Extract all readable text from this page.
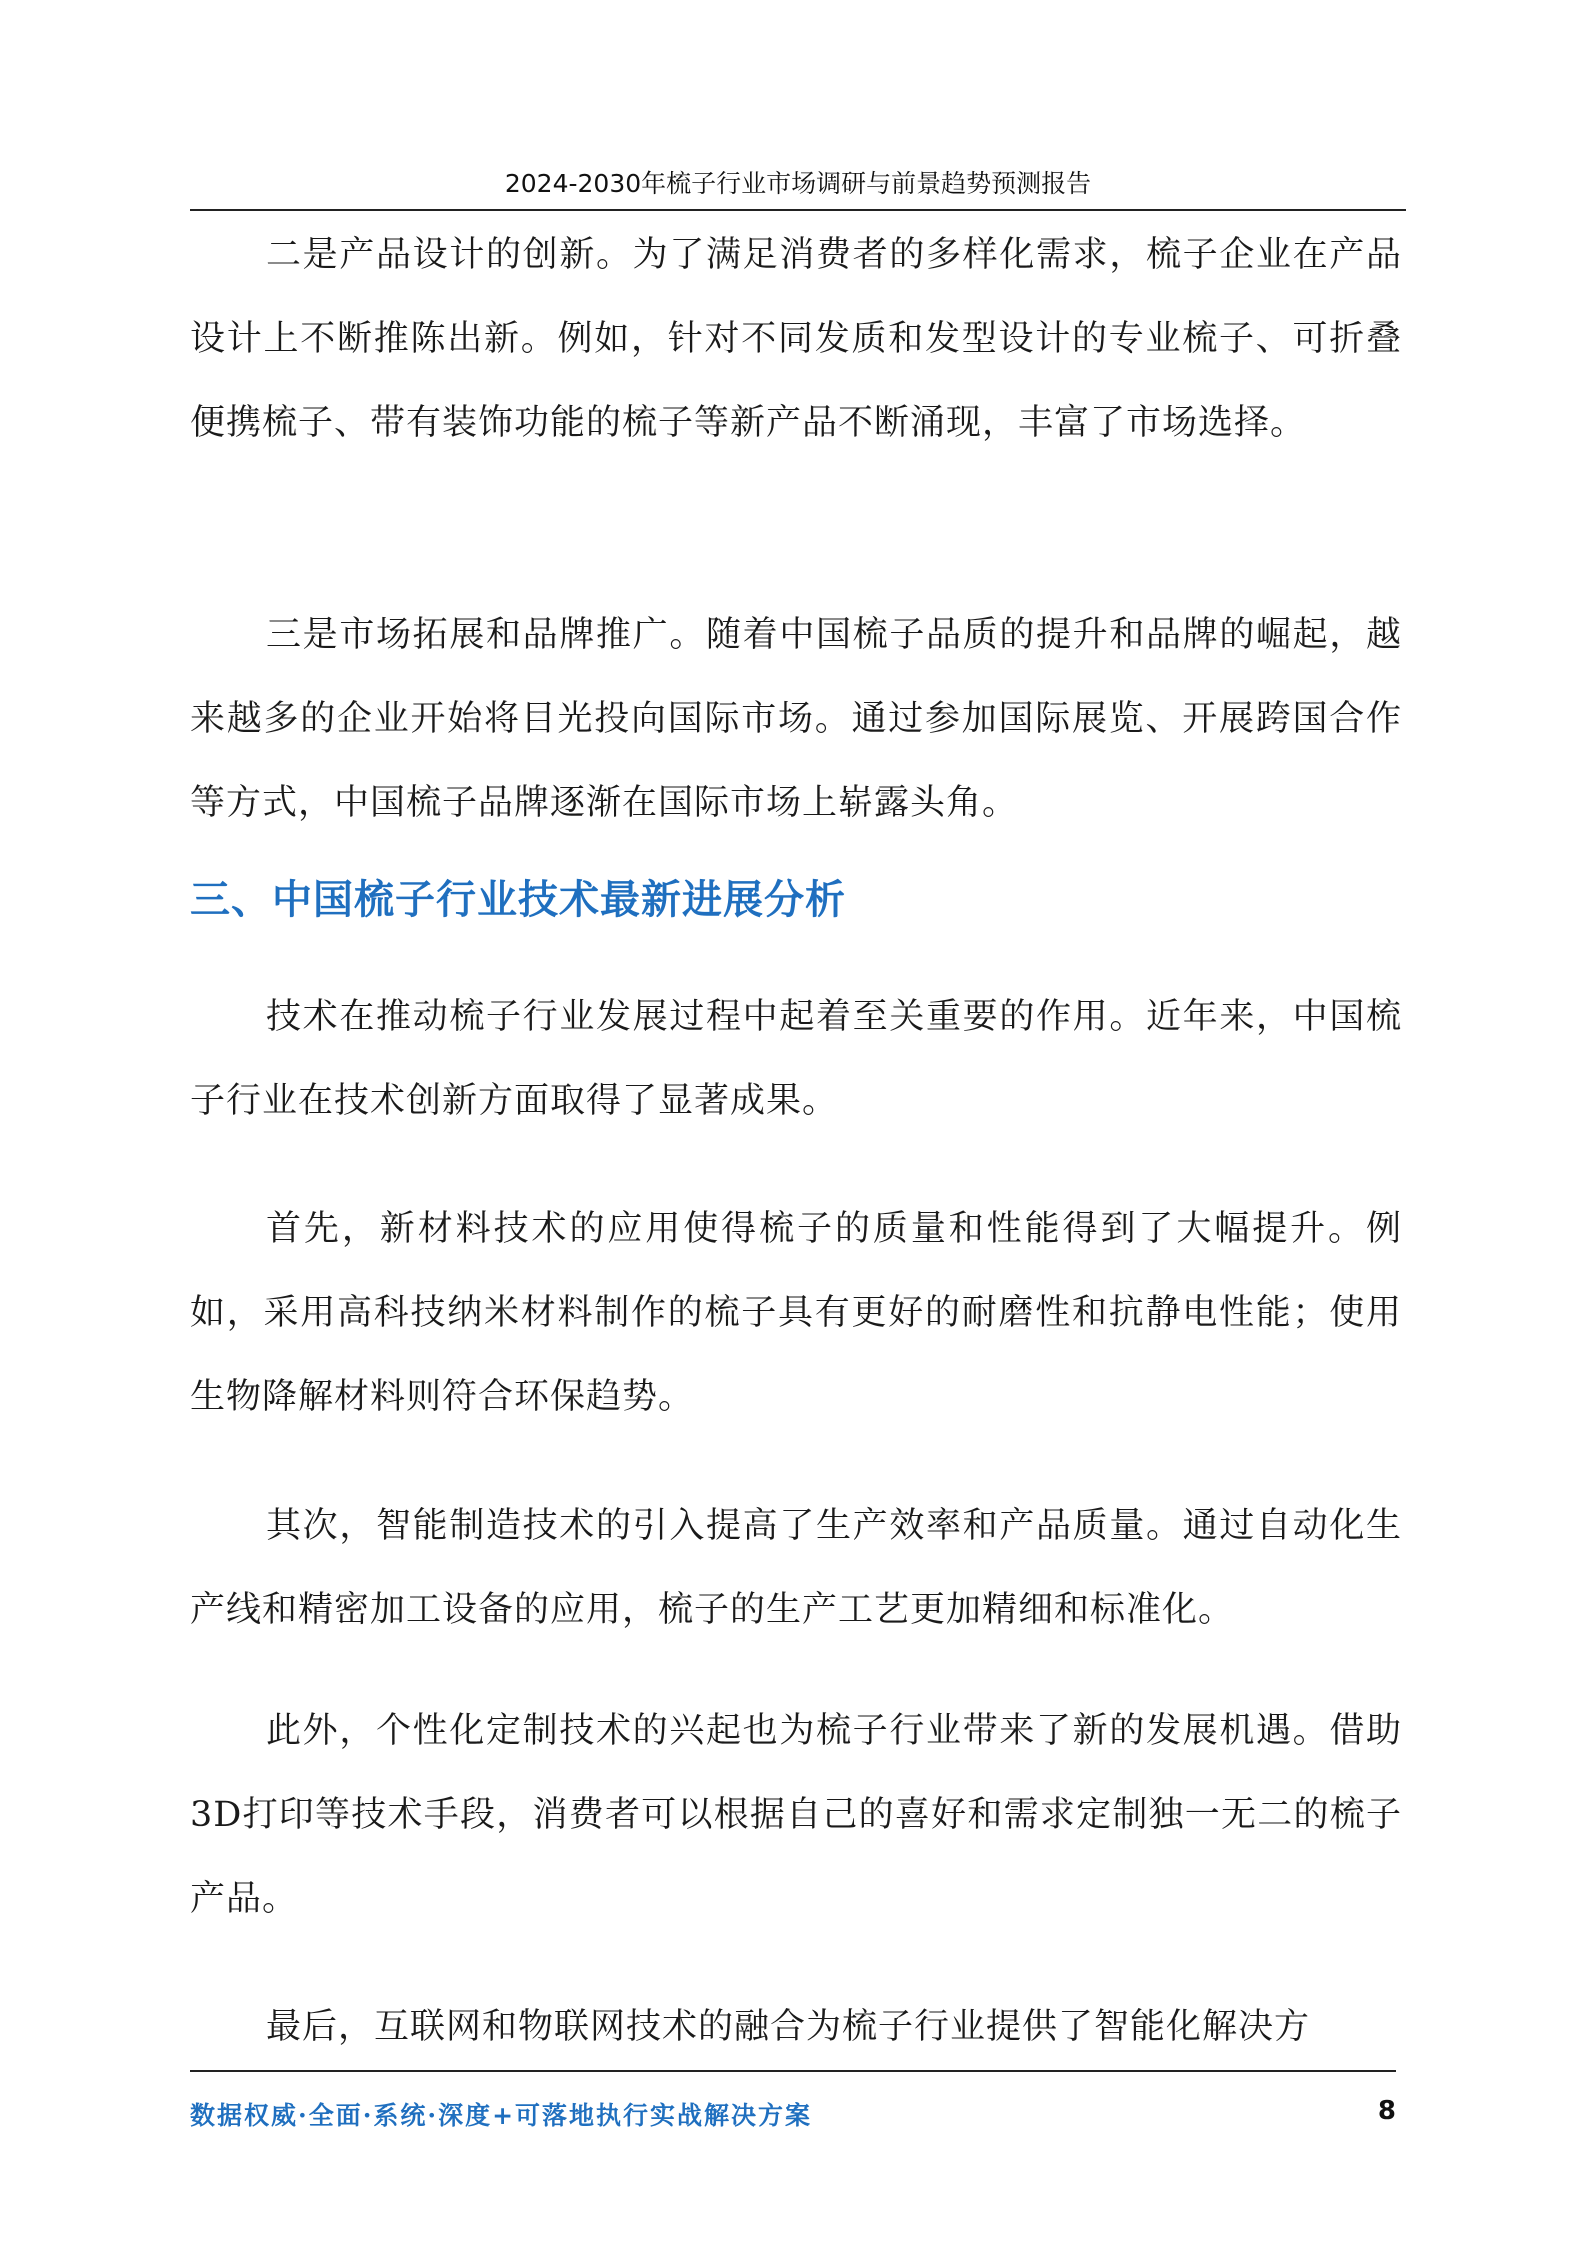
2024-2030年梳子行业市场调研与前景趋势预测报告

二是产品设计的创新。为了满足消费者的多样化需求，梳子企业在产品设计上不断推陈出新。例如，针对不同发质和发型设计的专业梳子、可折叠便携梳子、带有装饰功能的梳子等新产品不断涌现，丰富了市场选择。

三是市场拓展和品牌推广。随着中国梳子品质的提升和品牌的崛起，越来越多的企业开始将目光投向国际市场。通过参加国际展览、开展跨国合作等方式，中国梳子品牌逐渐在国际市场上崭露头角。

三、中国梳子行业技术最新进展分析

技术在推动梳子行业发展过程中起着至关重要的作用。近年来，中国梳子行业在技术创新方面取得了显著成果。

首先，新材料技术的应用使得梳子的质量和性能得到了大幅提升。例如，采用高科技纳米材料制作的梳子具有更好的耐磨性和抗静电性能；使用生物降解材料则符合环保趋势。

其次，智能制造技术的引入提高了生产效率和产品质量。通过自动化生产线和精密加工设备的应用，梳子的生产工艺更加精细和标准化。

此外，个性化定制技术的兴起也为梳子行业带来了新的发展机遇。借助3D打印等技术手段，消费者可以根据自己的喜好和需求定制独一无二的梳子产品。

最后，互联网和物联网技术的融合为梳子行业提供了智能化解决方

数据权威·全面·系统·深度+可落地执行实战解决方案	8
